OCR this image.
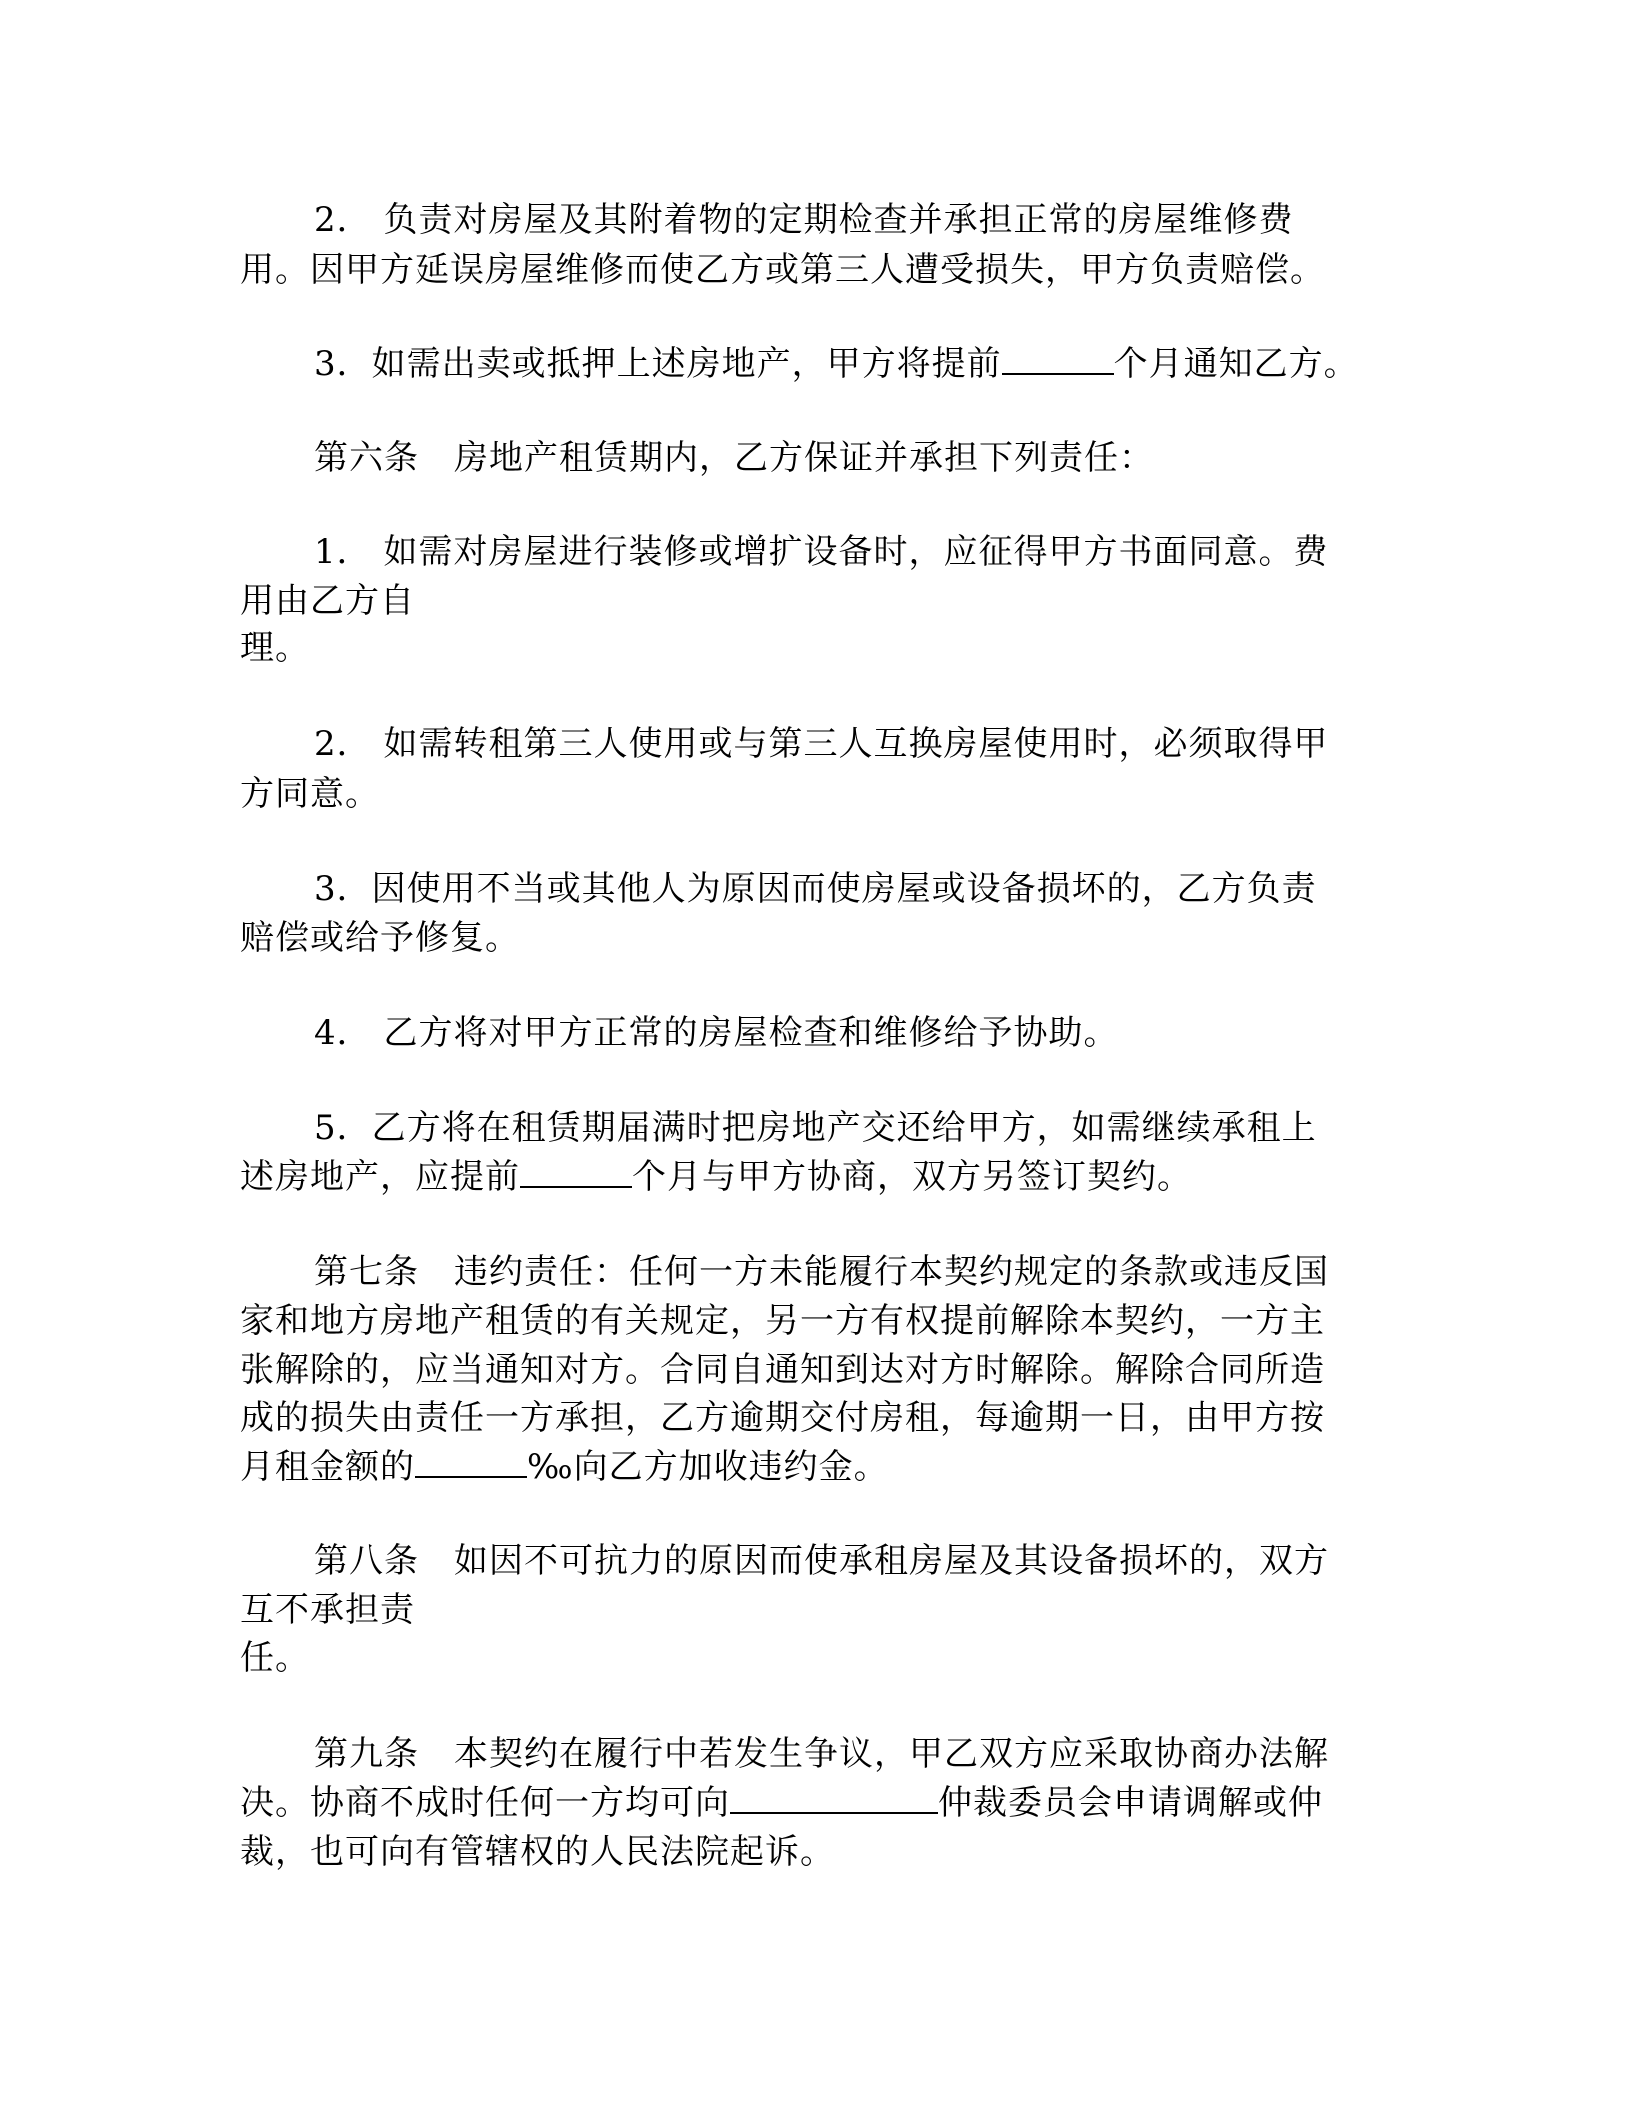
2． 负责对房屋及其附着物的定期检查并承担正常的房屋维修费
用。因甲方延误房屋维修而使乙方或第三人遭受损失，甲方负责赔偿。
3．如需出卖或抵押上述房地产，甲方将提前	个月通知乙方。
第六条　房地产租赁期内，乙方保证并承担下列责任：
1． 如需对房屋进行装修或增扩设备时，应征得甲方书面同意。费
用由乙方自
理。
2． 如需转租第三人使用或与第三人互换房屋使用时，必须取得甲
方同意。
3．因使用不当或其他人为原因而使房屋或设备损坏的，乙方负责
赔偿或给予修复。
4． 乙方将对甲方正常的房屋检查和维修给予协助。
5．乙方将在租赁期届满时把房地产交还给甲方，如需继续承租上
述房地产，应提前	个月与甲方协商，双方另签订契约。
第七条　违约责任：任何一方未能履行本契约规定的条款或违反国
家和地方房地产租赁的有关规定，另一方有权提前解除本契约，一方主
张解除的，应当通知对方。合同自通知到达对方时解除。解除合同所造
成的损失由责任一方承担，乙方逾期交付房租，每逾期一日，由甲方按
月租金额的	‰向乙方加收违约金。
第八条　如因不可抗力的原因而使承租房屋及其设备损坏的，双方
互不承担责
任。
第九条　本契约在履行中若发生争议，甲乙双方应采取协商办法解
决。协商不成时任何一方均可向	仲裁委员会申请调解或仲
裁，也可向有管辖权的人民法院起诉。
